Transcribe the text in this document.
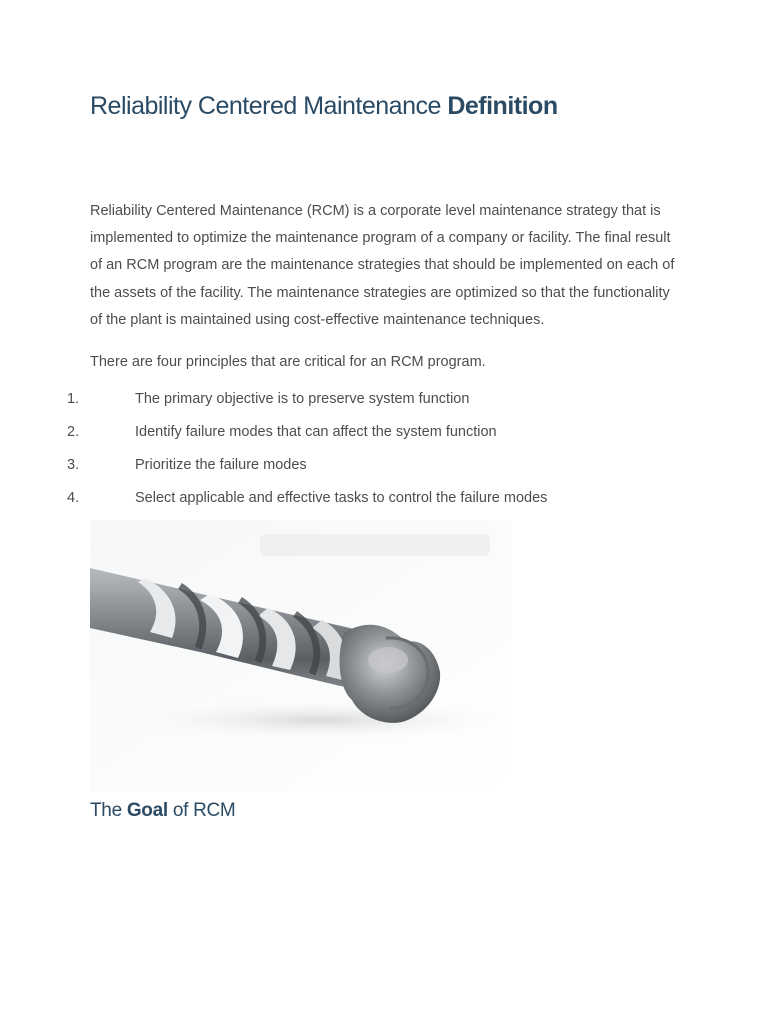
Reliability Centered Maintenance Definition

Reliability Centered Maintenance (RCM) is a corporate level maintenance strategy that is implemented to optimize the maintenance program of a company or facility. The final result of an RCM program are the maintenance strategies that should be implemented on each of the assets of the facility. The maintenance strategies are optimized so that the functionality of the plant is maintained using cost-effective maintenance techniques.

There are four principles that are critical for an RCM program.

1.	The primary objective is to preserve system function
2.	Identify failure modes that can affect the system function
3.	Prioritize the failure modes
4.	Select applicable and effective tasks to control the failure modes
The Goal of RCM
